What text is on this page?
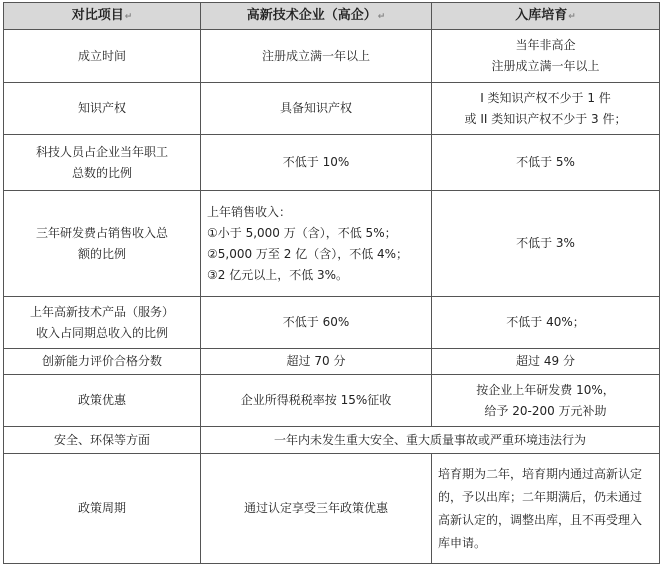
对比项目 ↵	高新技术企业（高企） ↵	入库培育 ↵

成立时间	注册成立满一年以上	当年非高企
注册成立满一年以上

知识产权	具备知识产权	I 类知识产权不少于 1 件
或 II 类知识产权不少于 3 件；

科技人员占企业当年职工
总数的比例	不低于 10%	不低于 5%

三年研发费占销售收入总
额的比例	上年销售收入：
①小于 5,000 万（含），不低 5%；
②5,000 万至 2 亿（含），不低 4%；
③2 亿元以上，不低 3%。	不低于 3%

上年高新技术产品（服务）
收入占同期总收入的比例	不低于 60%	不低于 40%；

创新能力评价合格分数	超过 70 分	超过 49 分

政策优惠	企业所得税税率按 15%征收	按企业上年研发费 10%，
给予 20-200 万元补助

安全、环保等方面	一年内未发生重大安全、重大质量事故或严重环境违法行为	

政策周期	通过认定享受三年政策优惠	培育期为二年，培育期内通过高新认定的，予以出库；二年期满后，仍未通过高新认定的，调整出库，且不再受理入库申请。
